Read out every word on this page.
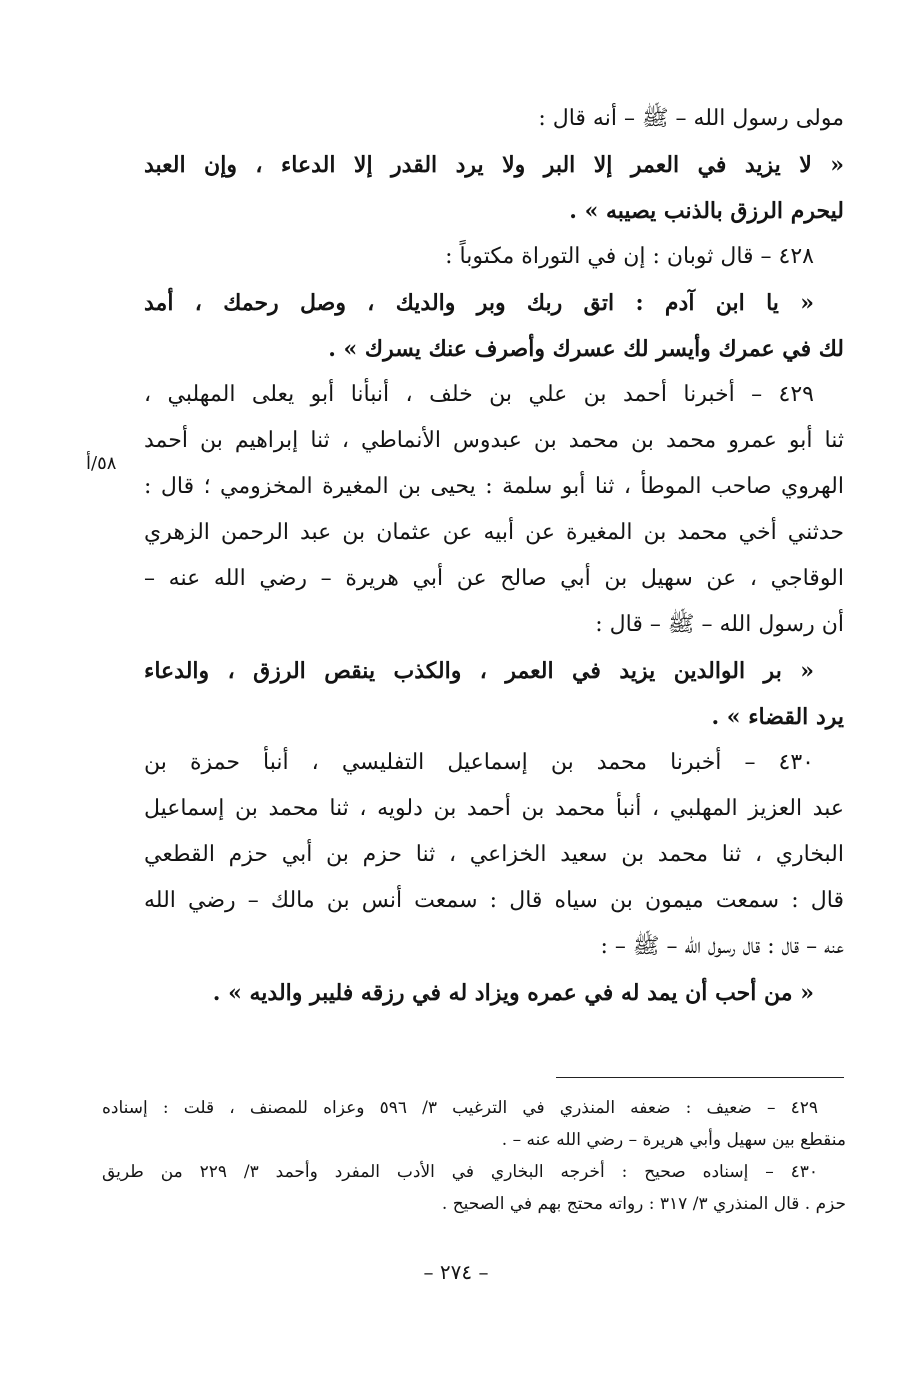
مولى رسول الله – ﷺ – أنه قال :
« لا يزيد في العمر إلا البر ولا يرد القدر إلا الدعاء ، وإن العبد
ليحرم الرزق بالذنب يصيبه » .
٤٢٨ – قال ثوبان : إن في التوراة مكتوباً :
« يا ابن آدم : اتق ربك وبر والديك ، وصل رحمك ، أمد
لك في عمرك وأيسر لك عسرك وأصرف عنك يسرك » .
٤٢٩ – أخبرنا أحمد بن علي بن خلف ، أنبأنا أبو يعلى المهلبي ،
ثنا أبو عمرو محمد بن محمد بن عبدوس الأنماطي ، ثنا إبراهيم بن أحمد
الهروي صاحب الموطأ ، ثنا أبو سلمة : يحيى بن المغيرة المخزومي ؛ قال :
حدثني أخي محمد بن المغيرة عن أبيه عن عثمان بن عبد الرحمن الزهري
الوقاجي ، عن سهيل بن أبي صالح عن أبي هريرة – رضي الله عنه –
أن رسول الله – ﷺ – قال :
« بر الوالدين يزيد في العمر ، والكذب ينقص الرزق ، والدعاء
يرد القضاء » .
٤٣٠ – أخبرنا محمد بن إسماعيل التفليسي ، أنبأ حمزة بن
عبد العزيز المهلبي ، أنبأ محمد بن أحمد بن دلويه ، ثنا محمد بن إسماعيل
البخاري ، ثنا محمد بن سعيد الخزاعي ، ثنا حزم بن أبي حزم القطعي
قال : سمعت ميمون بن سياه قال : سمعت أنس بن مالك – رضي الله
عنه – قال : قال رسول الله – ﷺ – :
« من أحب أن يمد له في عمره ويزاد له في رزقه فليبر والديه » .
٥٨/أ
٤٢٩ – ضعيف : ضعفه المنذري في الترغيب ٣/ ٥٩٦ وعزاه للمصنف ، قلت : إسناده
منقطع بين سهيل وأبي هريرة – رضي الله عنه – .
٤٣٠ – إسناده صحيح : أخرجه البخاري في الأدب المفرد وأحمد ٣/ ٢٢٩ من طريق
حزم . قال المنذري ٣/ ٣١٧ : رواته محتج بهم في الصحيح .
– ٢٧٤ –
